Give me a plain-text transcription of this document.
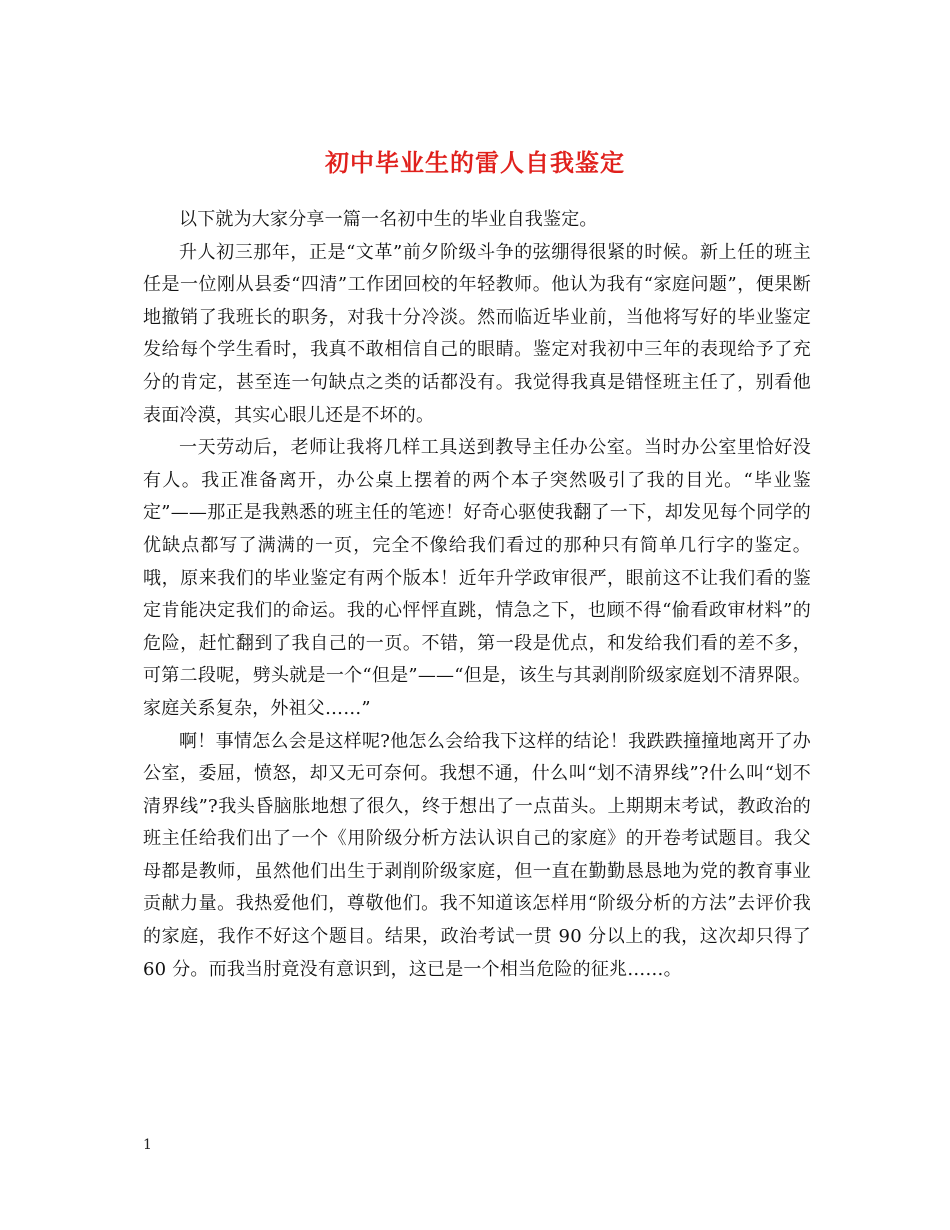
初中毕业生的雷人自我鉴定

以下就为大家分享一篇一名初中生的毕业自我鉴定。

升人初三那年，正是“文革”前夕阶级斗争的弦绷得很紧的时候。新上任的班主任是一位刚从县委“四清”工作团回校的年轻教师。他认为我有“家庭问题”，便果断地撤销了我班长的职务，对我十分冷淡。然而临近毕业前，当他将写好的毕业鉴定发给每个学生看时，我真不敢相信自己的眼睛。鉴定对我初中三年的表现给予了充分的肯定，甚至连一句缺点之类的话都没有。我觉得我真是错怪班主任了，别看他表面冷漠，其实心眼儿还是不坏的。

一天劳动后，老师让我将几样工具送到教导主任办公室。当时办公室里恰好没有人。我正准备离开，办公桌上摆着的两个本子突然吸引了我的目光。“毕业鉴定”——那正是我熟悉的班主任的笔迹！好奇心驱使我翻了一下，却发见每个同学的优缺点都写了满满的一页，完全不像给我们看过的那种只有简单几行字的鉴定。哦，原来我们的毕业鉴定有两个版本！近年升学政审很严，眼前这不让我们看的鉴定肯能决定我们的命运。我的心怦怦直跳，情急之下，也顾不得“偷看政审材料”的危险，赶忙翻到了我自己的一页。不错，第一段是优点，和发给我们看的差不多，可第二段呢，劈头就是一个“但是”——“但是，该生与其剥削阶级家庭划不清界限。家庭关系复杂，外祖父……”

啊！事情怎么会是这样呢?他怎么会给我下这样的结论！我跌跌撞撞地离开了办公室，委屈，愤怒，却又无可奈何。我想不通，什么叫“划不清界线”?什么叫“划不清界线”?我头昏脑胀地想了很久，终于想出了一点苗头。上期期末考试，教政治的班主任给我们出了一个《用阶级分析方法认识自己的家庭》的开卷考试题目。我父母都是教师，虽然他们出生于剥削阶级家庭，但一直在勤勤恳恳地为党的教育事业贡献力量。我热爱他们，尊敬他们。我不知道该怎样用“阶级分析的方法”去评价我的家庭，我作不好这个题目。结果，政治考试一贯 90 分以上的我，这次却只得了 60 分。而我当肘竟没有意识到，这已是一个相当危险的征兆……。

1
